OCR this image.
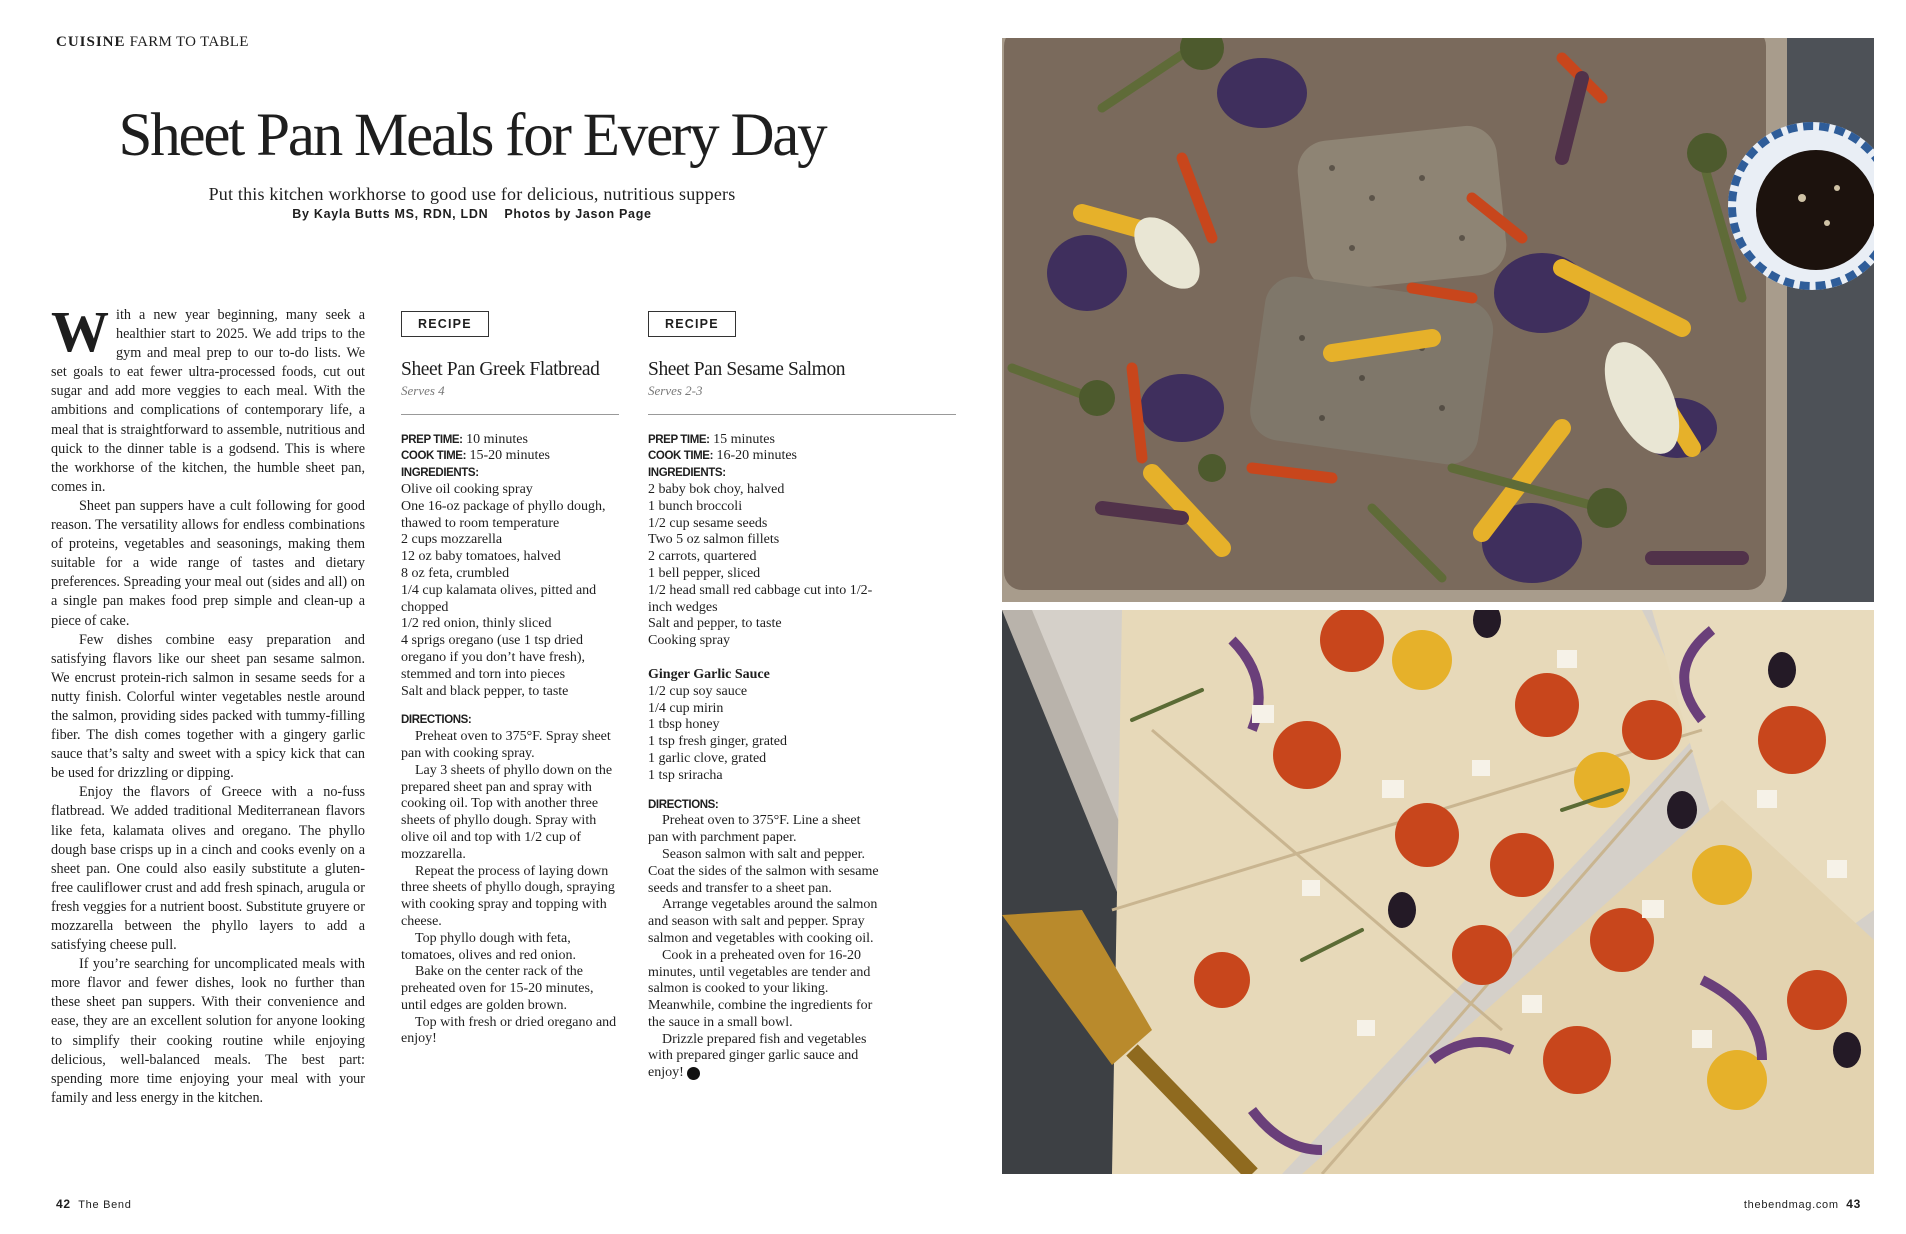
CUISINE FARM TO TABLE
Sheet Pan Meals for Every Day
Put this kitchen workhorse to good use for delicious, nutritious suppers
By Kayla Butts MS, RDN, LDN Photos by Jason Page

With a new year beginning, many seek a healthier start to 2025. We add trips to the gym and meal prep to our to-do lists. We set goals to eat fewer ultra-processed foods, cut out sugar and add more veggies to each meal. With the ambitions and complications of contemporary life, a meal that is straightforward to assemble, nutritious and quick to the dinner table is a godsend. This is where the workhorse of the kitchen, the humble sheet pan, comes in.

Sheet pan suppers have a cult following for good reason. The versatility allows for endless combinations of proteins, vegetables and seasonings, making them suitable for a wide range of tastes and dietary preferences. Spreading your meal out (sides and all) on a single pan makes food prep simple and clean-up a piece of cake.

Few dishes combine easy preparation and satisfying flavors like our sheet pan sesame salmon. We encrust protein-rich salmon in sesame seeds for a nutty finish. Colorful winter vegetables nestle around the salmon, providing sides packed with tummy-filling fiber. The dish comes together with a gingery garlic sauce that’s salty and sweet with a spicy kick that can be used for drizzling or dipping.

Enjoy the flavors of Greece with a no-fuss flatbread. We added traditional Mediterranean flavors like feta, kalamata olives and oregano. The phyllo dough base crisps up in a cinch and cooks evenly on a sheet pan. One could also easily substitute a gluten-free cauliflower crust and add fresh spinach, arugula or fresh veggies for a nutrient boost. Substitute gruyere or mozzarella between the phyllo layers to add a satisfying cheese pull.

If you’re searching for uncomplicated meals with more flavor and fewer dishes, look no further than these sheet pan suppers. With their convenience and ease, they are an excellent solution for anyone looking to simplify their cooking routine while enjoying delicious, well-balanced meals. The best part: spending more time enjoying your meal with your family and less energy in the kitchen.

RECIPE
Sheet Pan Greek Flatbread
Serves 4
PREP TIME: 10 minutes
COOK TIME: 15-20 minutes
INGREDIENTS:
Olive oil cooking spray
One 16-oz package of phyllo dough, thawed to room temperature
2 cups mozzarella
12 oz baby tomatoes, halved
8 oz feta, crumbled
1/4 cup kalamata olives, pitted and chopped
1/2 red onion, thinly sliced
4 sprigs oregano (use 1 tsp dried oregano if you don’t have fresh), stemmed and torn into pieces
Salt and black pepper, to taste
DIRECTIONS:

Preheat oven to 375°F. Spray sheet pan with cooking spray.

Lay 3 sheets of phyllo down on the prepared sheet pan and spray with cooking oil. Top with another three sheets of phyllo dough. Spray with olive oil and top with 1/2 cup of mozzarella.

Repeat the process of laying down three sheets of phyllo dough, spraying with cooking spray and topping with cheese.

Top phyllo dough with feta, tomatoes, olives and red onion.

Bake on the center rack of the preheated oven for 15-20 minutes, until edges are golden brown.

Top with fresh or dried oregano and enjoy!

RECIPE
Sheet Pan Sesame Salmon
Serves 2-3
PREP TIME: 15 minutes
COOK TIME: 16-20 minutes
INGREDIENTS:
2 baby bok choy, halved
1 bunch broccoli
1/2 cup sesame seeds
Two 5 oz salmon fillets
2 carrots, quartered
1 bell pepper, sliced
1/2 head small red cabbage cut into 1/2-inch wedges
Salt and pepper, to taste
Cooking spray
Ginger Garlic Sauce
1/2 cup soy sauce
1/4 cup mirin
1 tbsp honey
1 tsp fresh ginger, grated
1 garlic clove, grated
1 tsp sriracha
DIRECTIONS:

Preheat oven to 375°F. Line a sheet pan with parchment paper.

Season salmon with salt and pepper. Coat the sides of the salmon with sesame seeds and transfer to a sheet pan.

Arrange vegetables around the salmon and season with salt and pepper. Spray salmon and vegetables with cooking oil.

Cook in a preheated oven for 16-20 minutes, until vegetables are tender and salmon is cooked to your liking. Meanwhile, combine the ingredients for the sauce in a small bowl.

Drizzle prepared fish and vegetables with prepared ginger garlic sauce and enjoy!	TB

42 The Bend	thebendmag.com 43
